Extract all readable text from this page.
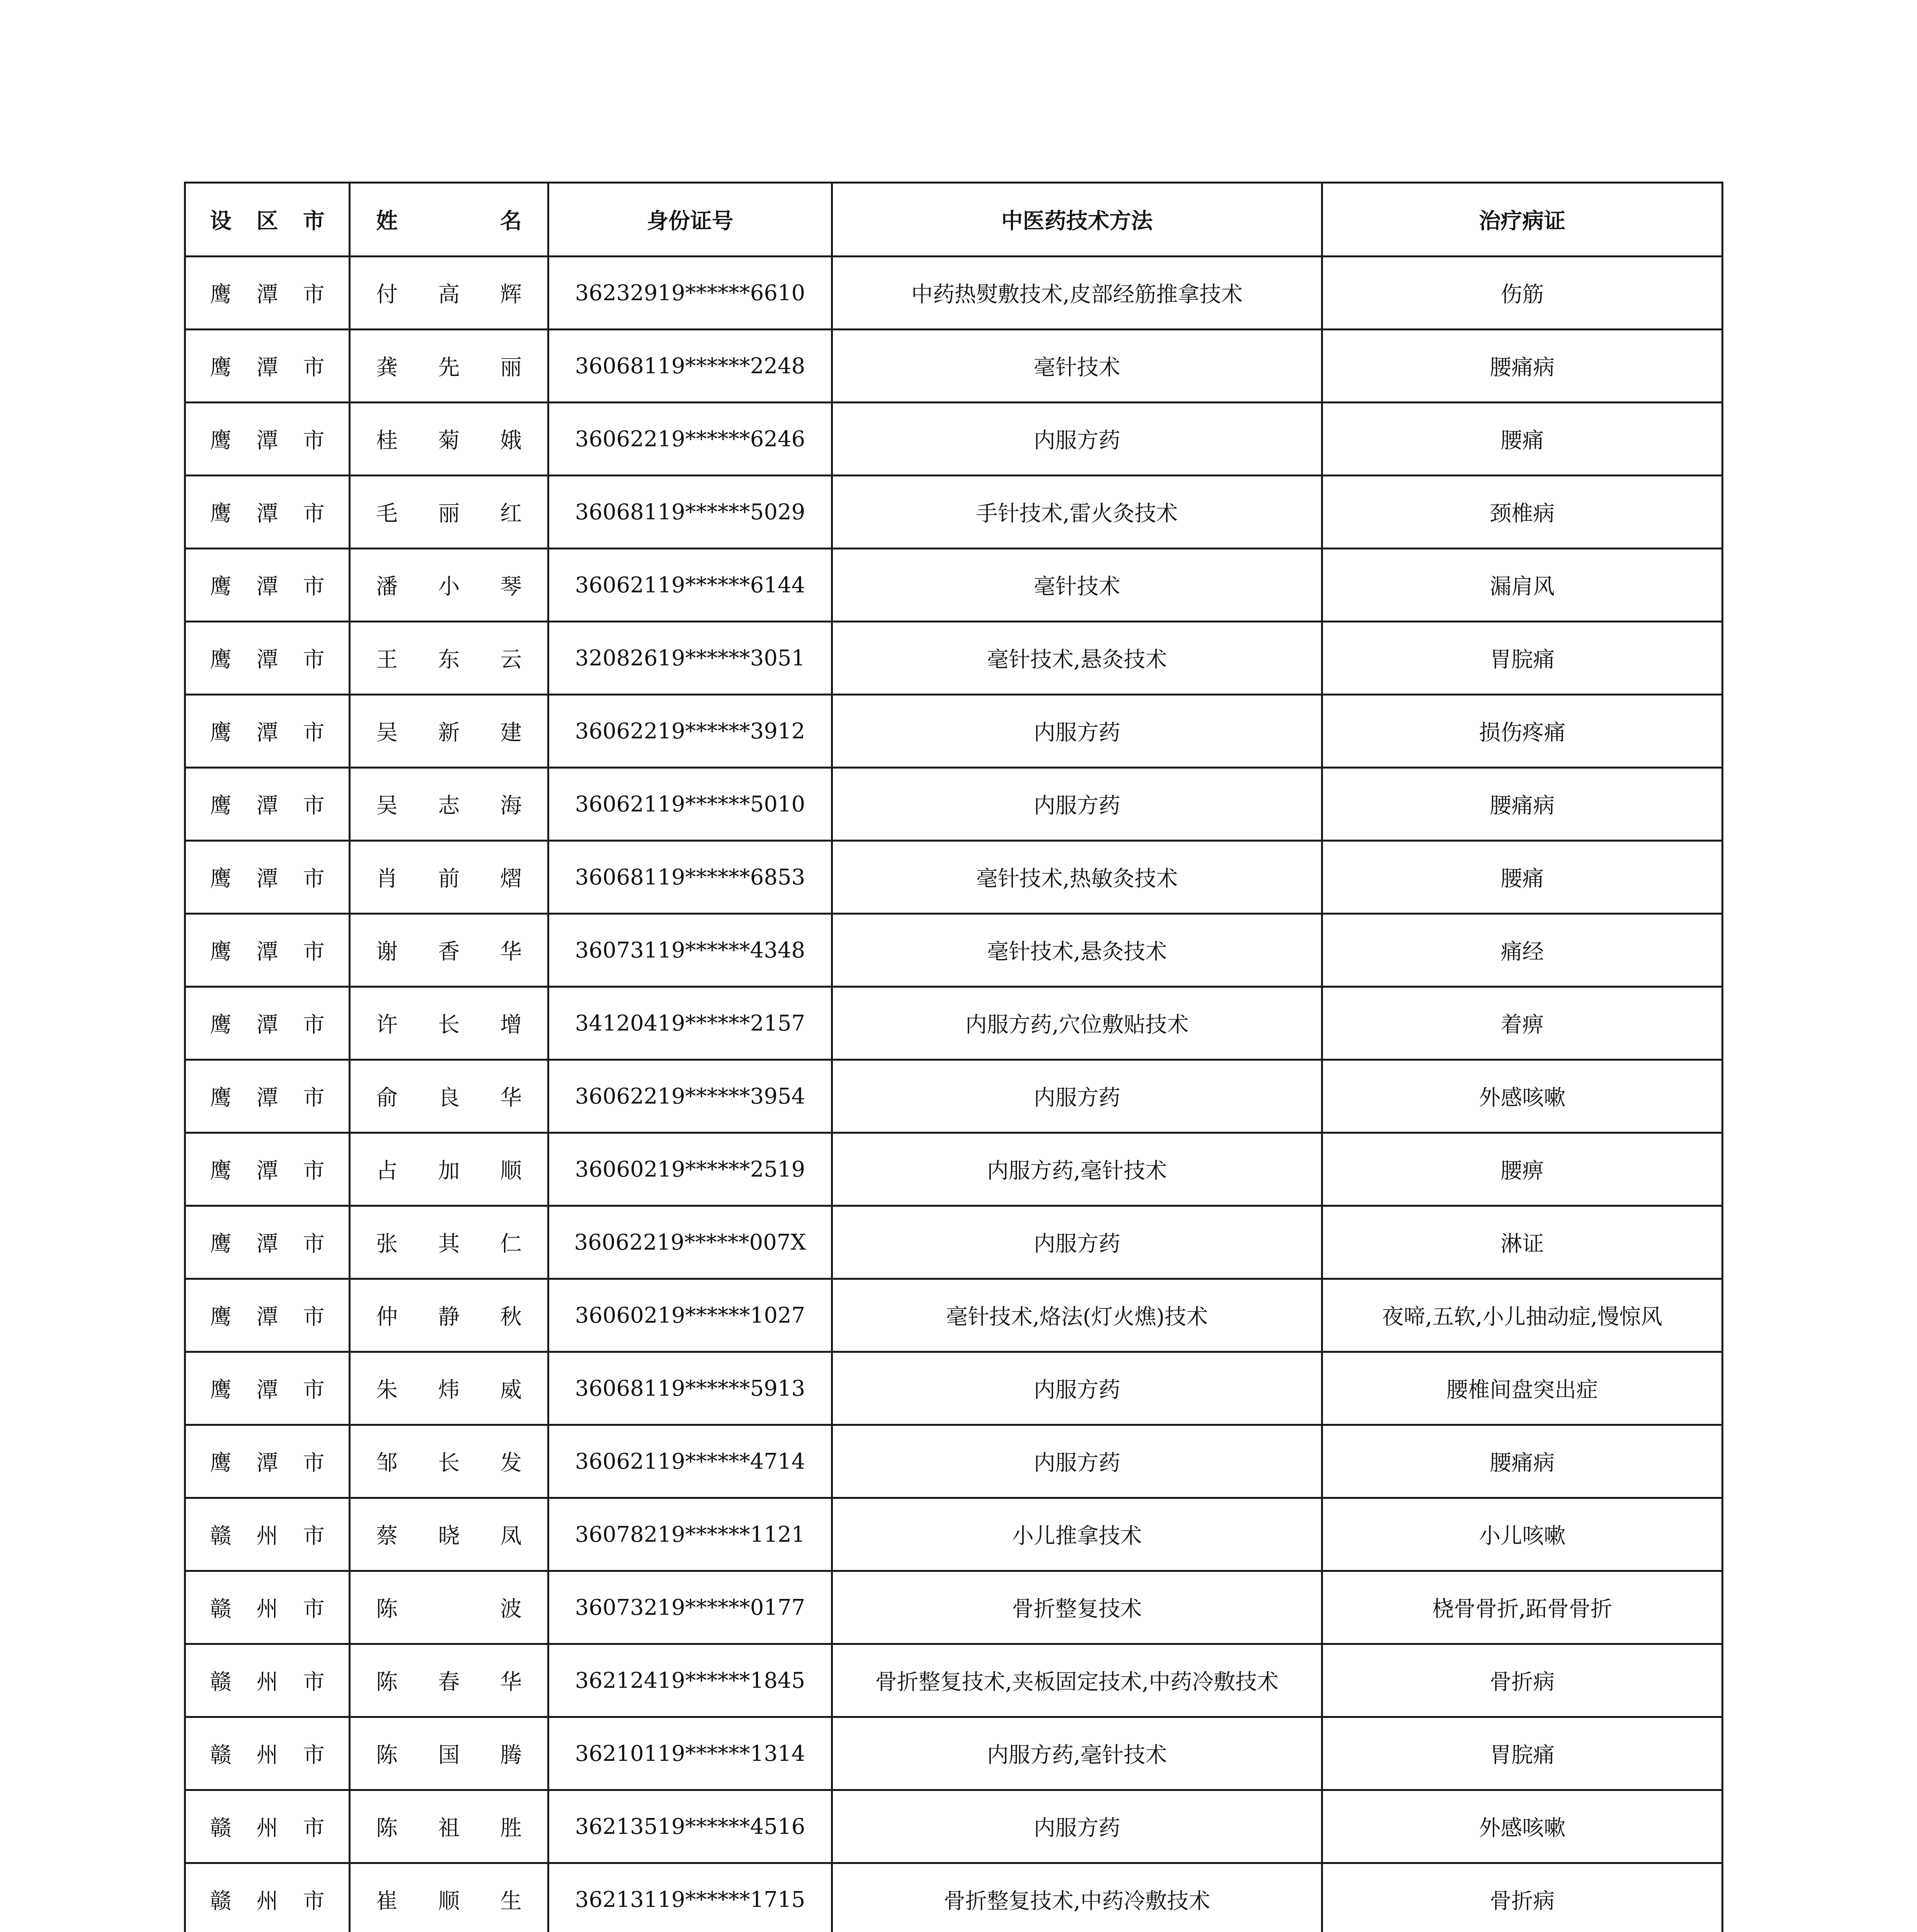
设 区 市	姓 名	身份证号	中医药技术方法	治疗病证

鹰 潭 市	付 高 辉	36232919******6610	中药热熨敷技术,皮部经筋推拿技术	伤筋

鹰 潭 市	龚 先 丽	36068119******2248	毫针技术	腰痛病

鹰 潭 市	桂 菊 娥	36062219******6246	内服方药	腰痛

鹰 潭 市	毛 丽 红	36068119******5029	手针技术,雷火灸技术	颈椎病

鹰 潭 市	潘 小 琴	36062119******6144	毫针技术	漏肩风

鹰 潭 市	王 东 云	32082619******3051	毫针技术,悬灸技术	胃脘痛

鹰 潭 市	吴 新 建	36062219******3912	内服方药	损伤疼痛

鹰 潭 市	吴 志 海	36062119******5010	内服方药	腰痛病

鹰 潭 市	肖 前 熠	36068119******6853	毫针技术,热敏灸技术	腰痛

鹰 潭 市	谢 香 华	36073119******4348	毫针技术,悬灸技术	痛经

鹰 潭 市	许 长 增	34120419******2157	内服方药,穴位敷贴技术	着痹

鹰 潭 市	俞 良 华	36062219******3954	内服方药	外感咳嗽

鹰 潭 市	占 加 顺	36060219******2519	内服方药,毫针技术	腰痹

鹰 潭 市	张 其 仁	36062219******007X	内服方药	淋证

鹰 潭 市	仲 静 秋	36060219******1027	毫针技术,烙法(灯火燋)技术	夜啼,五软,小儿抽动症,慢惊风

鹰 潭 市	朱 炜 威	36068119******5913	内服方药	腰椎间盘突出症

鹰 潭 市	邹 长 发	36062119******4714	内服方药	腰痛病

赣 州 市	蔡 晓 凤	36078219******1121	小儿推拿技术	小儿咳嗽

赣 州 市	陈 波	36073219******0177	骨折整复技术	桡骨骨折,跖骨骨折

赣 州 市	陈 春 华	36212419******1845	骨折整复技术,夹板固定技术,中药冷敷技术	骨折病

赣 州 市	陈 国 腾	36210119******1314	内服方药,毫针技术	胃脘痛

赣 州 市	陈 祖 胜	36213519******4516	内服方药	外感咳嗽

赣 州 市	崔 顺 生	36213119******1715	骨折整复技术,中药冷敷技术	骨折病
